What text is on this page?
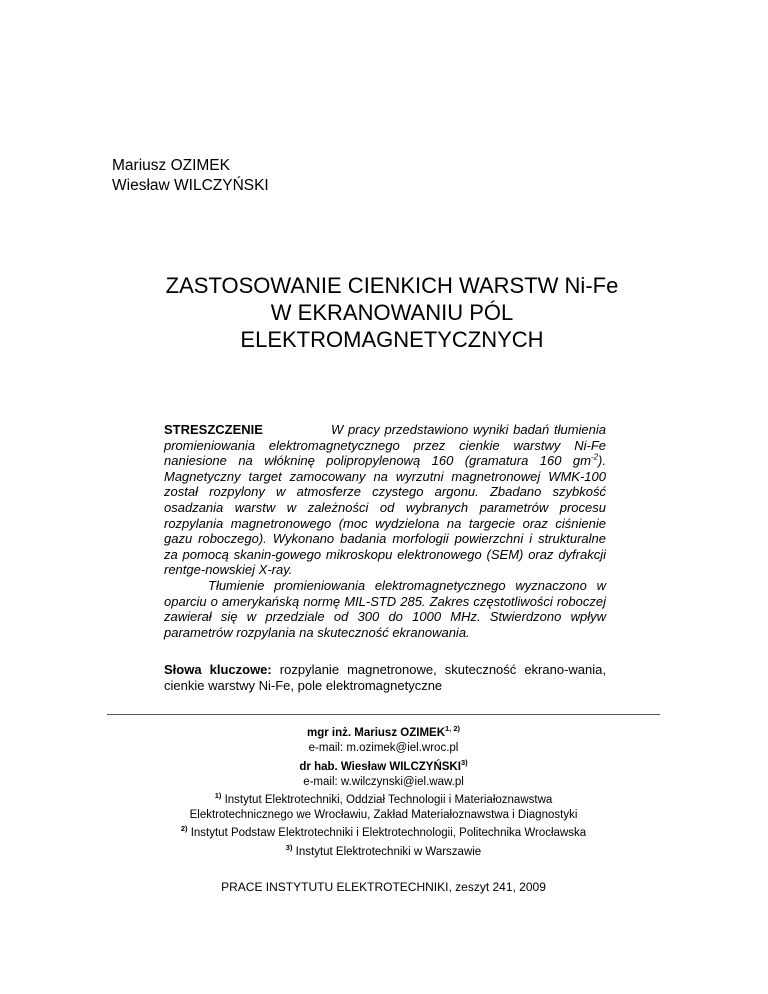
Mariusz OZIMEK
Wiesław WILCZYŃSKI
ZASTOSOWANIE CIENKICH WARSTW Ni-Fe
W EKRANOWANIU PÓL
ELEKTROMAGNETYCZNYCH

STRESZCZENIE	W pracy przedstawiono wyniki badań tłumienia promieniowania elektromagnetycznego przez cienkie warstwy Ni-Fe naniesione na włókninę polipropylenową 160 (gramatura 160 $gm^{-2}$). Magnetyczny target zamocowany na wyrzutni magnetronowej WMK-100 został rozpylony w atmosferze czystego argonu. Zbadano szybkość osadzania warstw w zależności od wybranych parametrów procesu rozpylania magnetronowego (moc wydzielona na targecie oraz ciśnienie gazu roboczego). Wykonano badania morfologii powierzchni i strukturalne za pomocą skanin-gowego mikroskopu elektronowego (SEM) oraz dyfrakcji rentge-nowskiej X-ray.

Tłumienie promieniowania elektromagnetycznego wyznaczono w oparciu o amerykańską normę MIL-STD 285. Zakres częstotliwości roboczej zawierał się w przedziale od 300 do 1000 MHz. Stwierdzono wpływ parametrów rozpylania na skuteczność ekranowania.

Słowa kluczowe: rozpylanie magnetronowe, skuteczność ekrano-wania, cienkie warstwy Ni-Fe, pole elektromagnetyczne
mgr inż. Mariusz OZIMEK$^{1, 2)}$
e-mail: m.ozimek@iel.wroc.pl
dr hab. Wiesław WILCZYŃSKI$^{3)}$
e-mail: w.wilczynski@iel.waw.pl
$^{1)}$ Instytut Elektrotechniki, Oddział Technologii i Materiałoznawstwa
Elektrotechnicznego we Wrocławiu, Zakład Materiałoznawstwa i Diagnostyki
$^{2)}$ Instytut Podstaw Elektrotechniki i Elektrotechnologii, Politechnika Wrocławska
$^{3)}$ Instytut Elektrotechniki w Warszawie
PRACE INSTYTUTU ELEKTROTECHNIKI, zeszyt 241, 2009
